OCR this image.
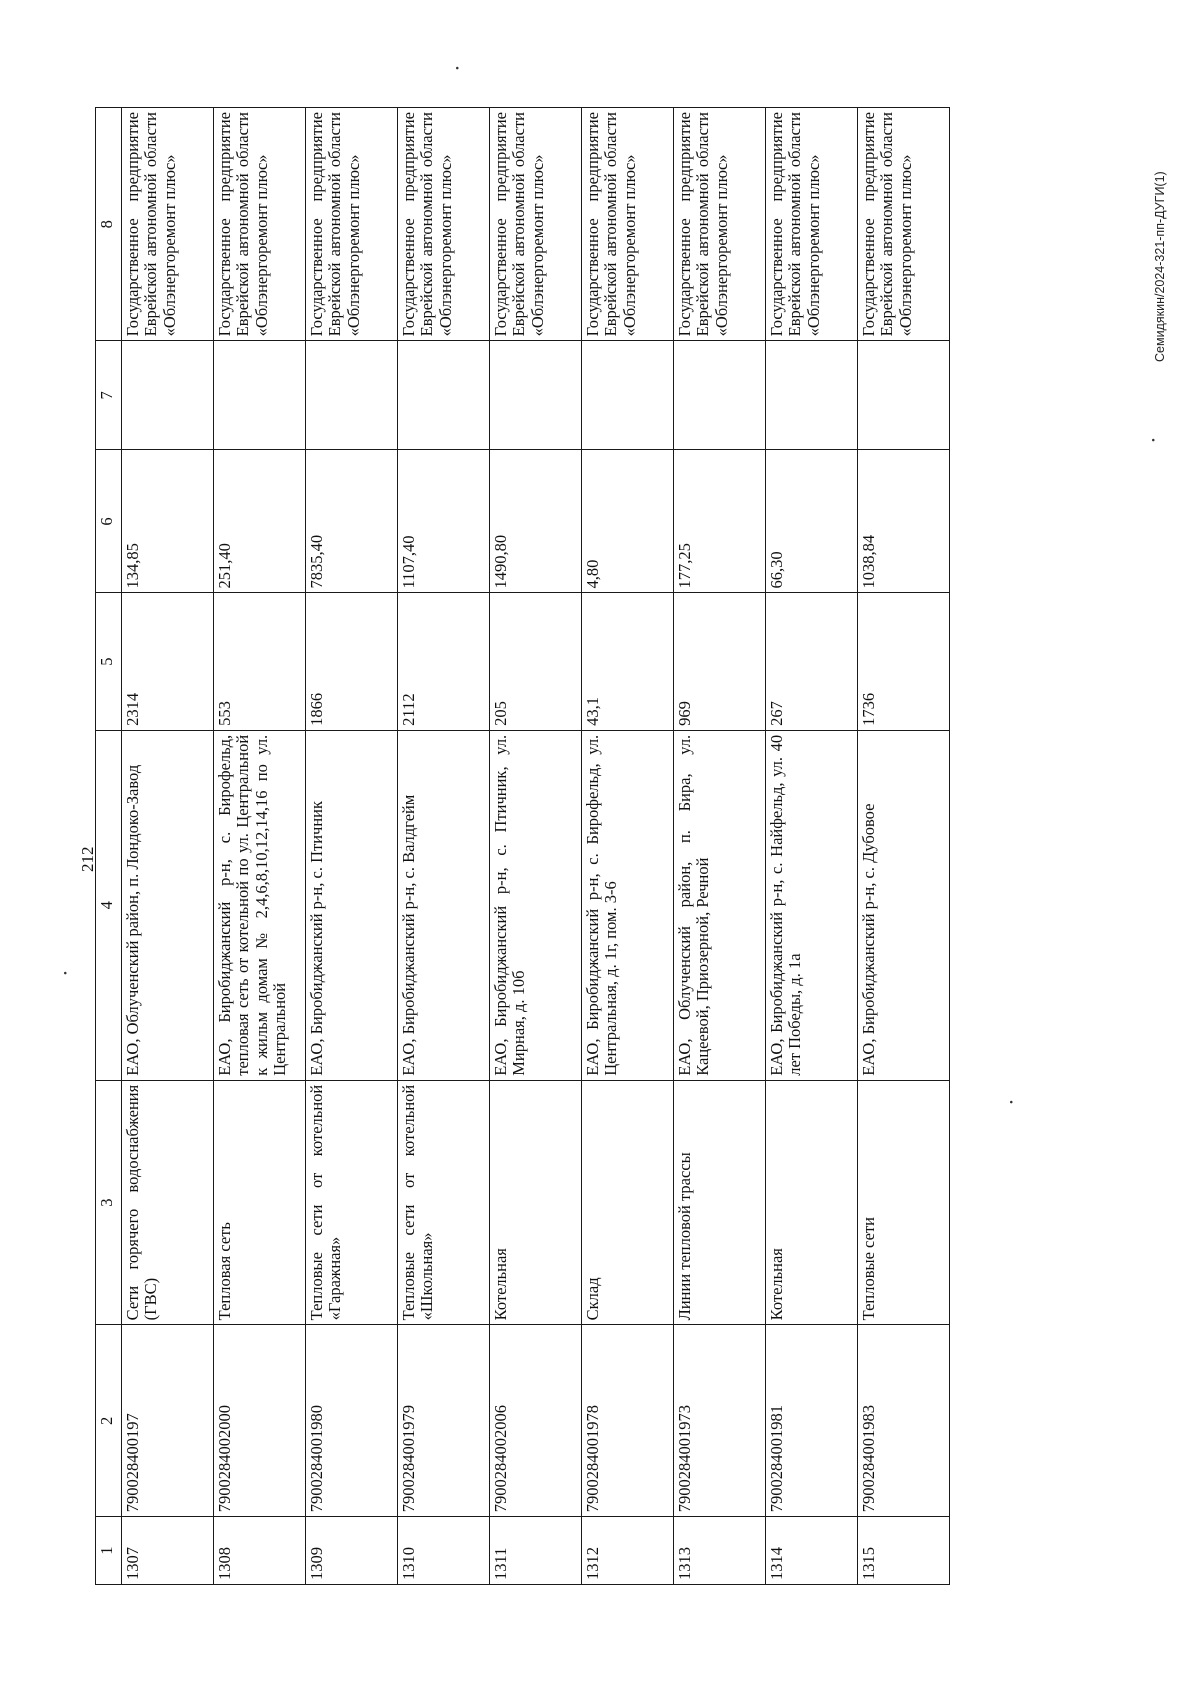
212
1	2	3	4	5	6	7	8
1307	790028400197	Сети горячего водоснабжения (ГВС)	ЕАО, Облученский район, п. Лондоко-Завод	2314	134,85		Государственное предприятие Еврейской автономной области «Облэнергоремонт плюс»
1308	7900284002000	Тепловая сеть	ЕАО, Биробиджанский р-н, с. Бирофельд, тепловая сеть от котельной по ул. Центральной к жильм домам № 2,4,6,8,10,12,14,16 по ул. Центральной	553	251,40		Государственное предприятие Еврейской автономной области «Облэнергоремонт плюс»
1309	7900284001980	Тепловые сети от котельной «Гаражная»	ЕАО, Биробиджанский р-н, с. Птичник	1866	7835,40		Государственное предприятие Еврейской автономной области «Облэнергоремонт плюс»
1310	7900284001979	Тепловые сети от котельной «Школьная»	ЕАО, Биробиджанский р-н, с. Валдгейм	2112	1107,40		Государственное предприятие Еврейской автономной области «Облэнергоремонт плюс»
1311	7900284002006	Котельная	ЕАО, Биробиджанский р-н, с. Птичник, ул. Мирная, д. 10б	205	1490,80		Государственное предприятие Еврейской автономной области «Облэнергоремонт плюс»
1312	7900284001978	Склад	ЕАО, Биробиджанский р-н, с. Бирофельд, ул. Центральная, д. 1г, пом. 3-6	43,1	4,80		Государственное предприятие Еврейской автономной области «Облэнергоремонт плюс»
1313	7900284001973	Линии тепловой трассы	ЕАО, Облученский район, п. Бира, ул. Кацеевой, Приозерной, Речной	969	177,25		Государственное предприятие Еврейской автономной области «Облэнергоремонт плюс»
1314	7900284001981	Котельная	ЕАО, Биробиджанский р-н, с. Найфельд, ул. 40 лет Победы, д. 1а	267	66,30		Государственное предприятие Еврейской автономной области «Облэнергоремонт плюс»
1315	7900284001983	Тепловые сети	ЕАО, Биробиджанский р-н, с. Дубовое	1736	1038,84		Государственное предприятие Еврейской автономной области «Облэнергоремонт плюс»
•
•
•
•
Семидякин/2024-321-пп-ДУГИ(1)
